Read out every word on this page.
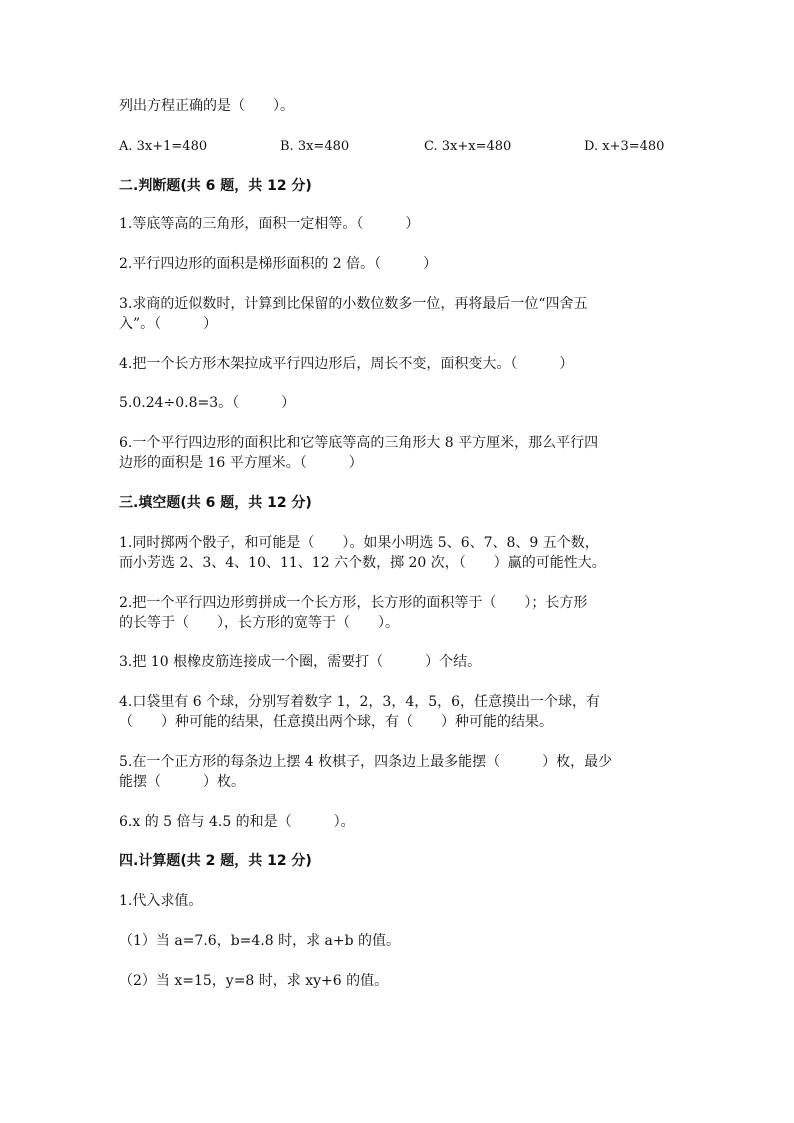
列出方程正确的是（　　）。
A. 3x+1=480	B. 3x=480	C. 3x+x=480	D. x+3=480
二.判断题(共 6 题，共 12 分)
1.等底等高的三角形，面积一定相等。（　　　）
2.平行四边形的面积是梯形面积的 2 倍。（　　　）
3.求商的近似数时，计算到比保留的小数位数多一位，再将最后一位“四舍五
入”。（　　　）
4.把一个长方形木架拉成平行四边形后，周长不变，面积变大。（　　　）
5.0.24÷0.8=3。（　　　）
6.一个平行四边形的面积比和它等底等高的三角形大 8 平方厘米，那么平行四
边形的面积是 16 平方厘米。（　　　）
三.填空题(共 6 题，共 12 分)
1.同时掷两个骰子，和可能是（　　）。如果小明选 5、6、7、8、9 五个数，
而小芳选 2、3、4、10、11、12 六个数，掷 20 次，（　　）赢的可能性大。
2.把一个平行四边形剪拼成一个长方形，长方形的面积等于（　　）；长方形
的长等于（　　），长方形的宽等于（　　）。
3.把 10 根橡皮筋连接成一个圈，需要打（　　　）个结。
4.口袋里有 6 个球，分别写着数字 1，2，3，4，5，6，任意摸出一个球，有
（　　）种可能的结果，任意摸出两个球，有（　　）种可能的结果。
5.在一个正方形的每条边上摆 4 枚棋子，四条边上最多能摆（　　　）枚，最少
能摆（　　　）枚。
6.x 的 5 倍与 4.5 的和是（　　　）。
四.计算题(共 2 题，共 12 分)
1.代入求值。
（1）当 a=7.6，b=4.8 时，求 a+b 的值。
（2）当 x=15，y=8 时，求 xy+6 的值。
